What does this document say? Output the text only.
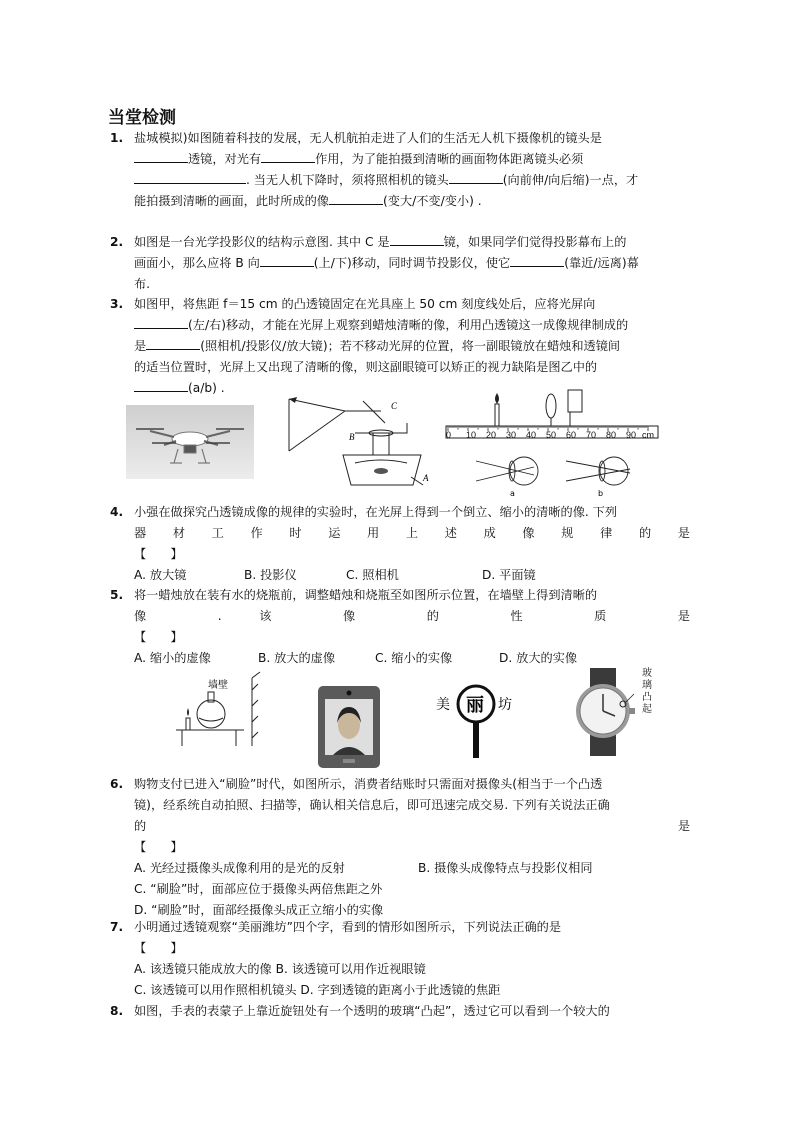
当堂检测
1. 盐城模拟)如图随着科技的发展，无人机航拍走进了人们的生活无人机下摄像机的镜头是
透镜，对光有	作用，为了能拍摄到清晰的画面物体距离镜头必须
. 当无人机下降时，须将照相机的镜头	(向前伸/向后缩)一点，才
能拍摄到清晰的画面，此时所成的像	(变大/不变/变小) .
2. 如图是一台光学投影仪的结构示意图. 其中 C 是	镜，如果同学们觉得投影幕布上的
画面小，那么应将 B 向	(上/下)移动，同时调节投影仪，使它	(靠近/远离)幕
布.
3. 如图甲，将焦距 f＝15 cm 的凸透镜固定在光具座上 50 cm 刻度线处后，应将光屏向
(左/右)移动，才能在光屏上观察到蜡烛清晰的像，利用凸透镜这一成像规律制成的
是	(照相机/投影仪/放大镜)；若不移动光屏的位置，将一副眼镜放在蜡烛和透镜间
的适当位置时，光屏上又出现了清晰的像，则这副眼镜可以矫正的视力缺陷是图乙中的
(a/b) .
C
B
A
0 10 20 30 40 50 60 70 80 90 cm
a	b
4. 小强在做探究凸透镜成像的规律的实验时，在光屏上得到一个倒立、缩小的清晰的像. 下列
器 材 工 作 时 运 用 上 述 成 像 规 律 的 是
【　　】
A. 放大镜	B. 投影仪	C. 照相机	D. 平面镜
5. 将一蜡烛放在装有水的烧瓶前，调整蜡烛和烧瓶至如图所示位置，在墙壁上得到清晰的
像 . 该 像 的 性 质 是
【　　】
A. 缩小的虚像	B. 放大的虚像	C. 缩小的实像	D. 放大的实像
墙壁
美 丽 坊
玻璃凸起
6. 购物支付已进入“刷脸”时代，如图所示，消费者结账时只需面对摄像头(相当于一个凸透
镜)，经系统自动拍照、扫描等，确认相关信息后，即可迅速完成交易. 下列有关说法正确
的	是
【　　】
A. 光经过摄像头成像利用的是光的反射	B. 摄像头成像特点与投影仪相同
C. “刷脸”时，面部应位于摄像头两倍焦距之外
D. “刷脸”时，面部经摄像头成正立缩小的实像
7. 小明通过透镜观察“美丽潍坊”四个字，看到的情形如图所示，下列说法正确的是
【　　】
A. 该透镜只能成放大的像 B. 该透镜可以用作近视眼镜
C. 该透镜可以用作照相机镜头 D. 字到透镜的距离小于此透镜的焦距
8. 如图，手表的表蒙子上靠近旋钮处有一个透明的玻璃“凸起”，透过它可以看到一个较大的
